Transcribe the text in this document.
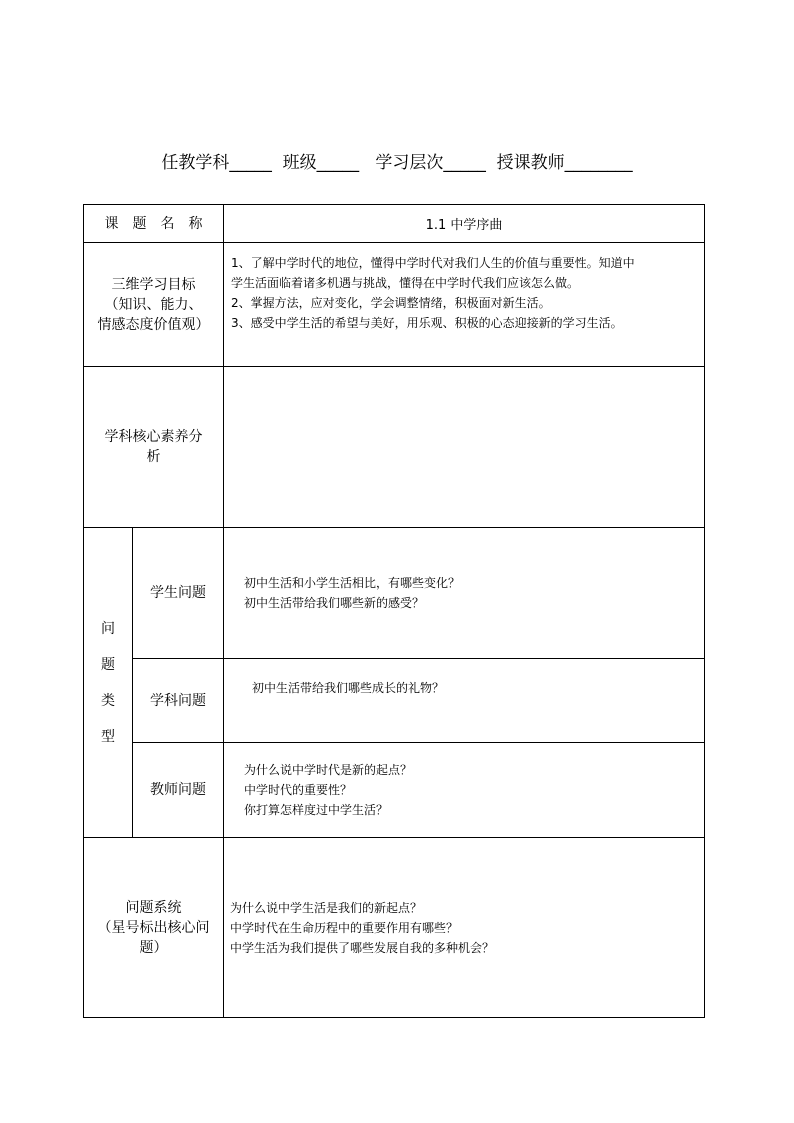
任教学科_____  班级_____   学习层次_____  授课教师________
课题名称		1.1 中学序曲

三维学习目标
（知识、能力、
情感态度价值观）		1、了解中学时代的地位，懂得中学时代对我们人生的价值与重要性。知道中
学生活面临着诸多机遇与挑战，懂得在中学时代我们应该怎么做。
2、掌握方法，应对变化，学会调整情绪，积极面对新生活。
3、感受中学生活的希望与美好，用乐观、积极的心态迎接新的学习生活。

学科核心素养分
析		

问
题
类
型	学生问题	初中生活和小学生活相比，有哪些变化？
初中生活带给我们哪些新的感受？

	学科问题	初中生活带给我们哪些成长的礼物？

	教师问题	为什么说中学时代是新的起点？
中学时代的重要性？
你打算怎样度过中学生活？

问题系统
（星号标出核心问
题）		为什么说中学生活是我们的新起点？
中学时代在生命历程中的重要作用有哪些？
中学生活为我们提供了哪些发展自我的多种机会？
